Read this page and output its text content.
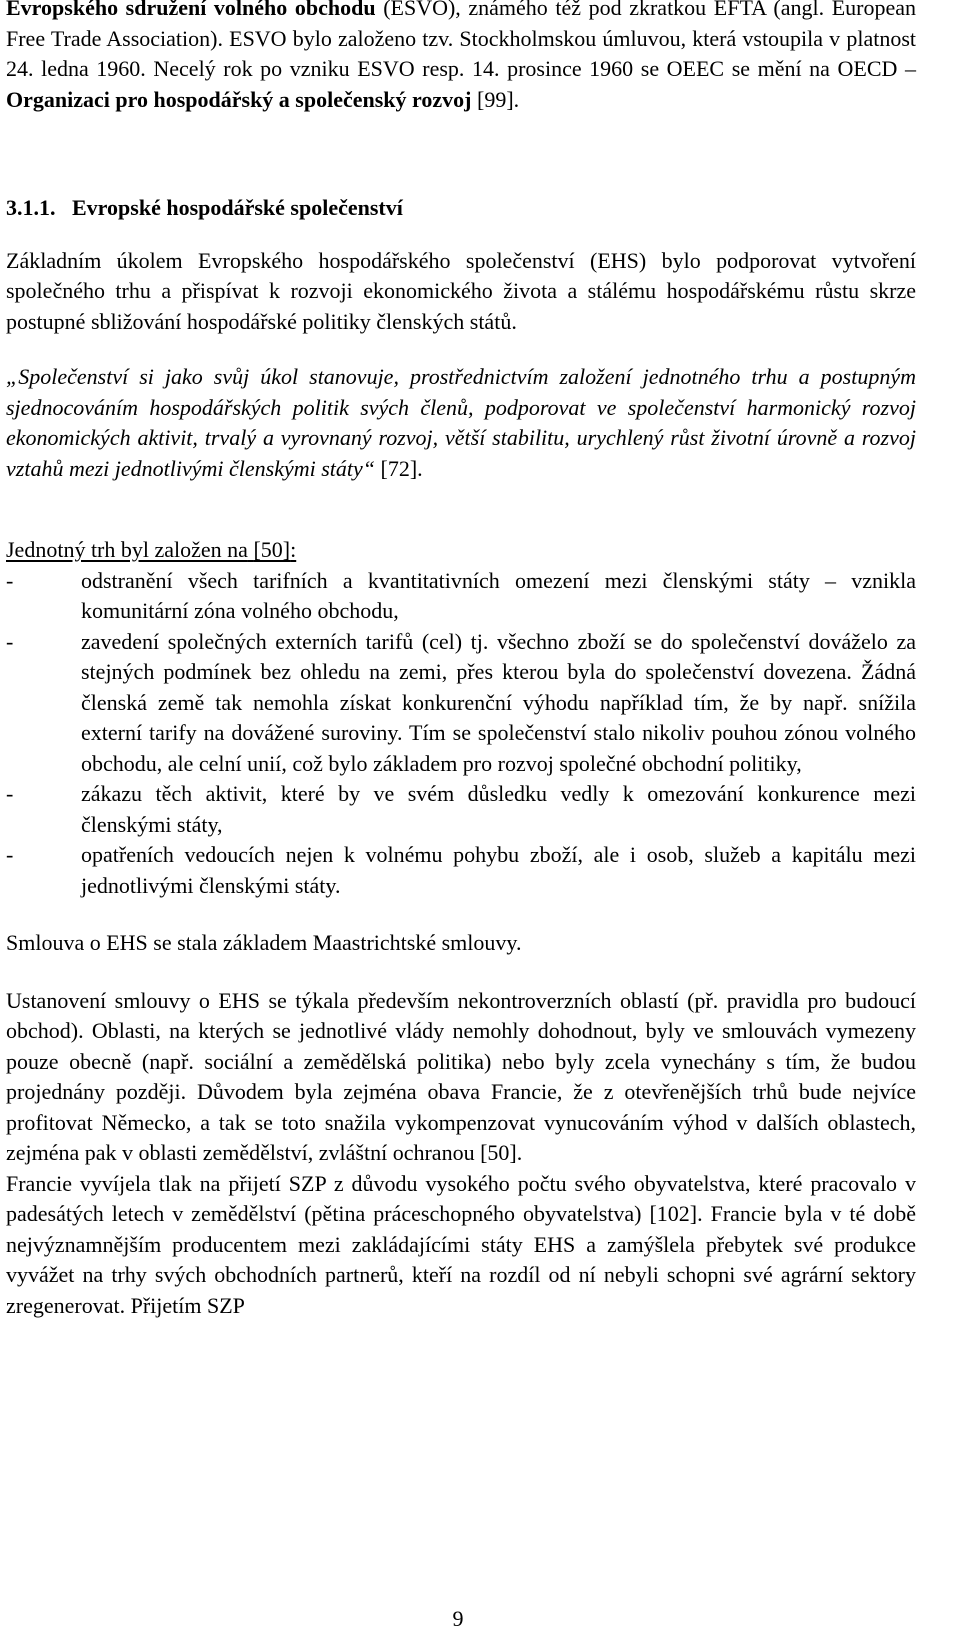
Evropského sdružení volného obchodu (ESVO), známého též pod zkratkou EFTA (angl. European Free Trade Association). ESVO bylo založeno tzv. Stockholmskou úmluvou, která vstoupila v platnost 24. ledna 1960. Necelý rok po vzniku ESVO resp. 14. prosince 1960 se OEEC se mění na OECD – Organizaci pro hospodářský a společenský rozvoj [99].

3.1.1. Evropské hospodářské společenství

Základním úkolem Evropského hospodářského společenství (EHS) bylo podporovat vytvoření společného trhu a přispívat k rozvoji ekonomického života a stálému hospodářskému růstu skrze postupné sbližování hospodářské politiky členských států.

„Společenství si jako svůj úkol stanovuje, prostřednictvím založení jednotného trhu a postupným sjednocováním hospodářských politik svých členů, podporovat ve společenství harmonický rozvoj ekonomických aktivit, trvalý a vyrovnaný rozvoj, větší stabilitu, urychlený růst životní úrovně a rozvoj vztahů mezi jednotlivými členskými státy“ [72].

Jednotný trh byl založen na [50]:

-	odstranění všech tarifních a kvantitativních omezení mezi členskými státy – vznikla komunitární zóna volného obchodu,
-	zavedení společných externích tarifů (cel) tj. všechno zboží se do společenství dováželo za stejných podmínek bez ohledu na zemi, přes kterou byla do společenství dovezena. Žádná členská země tak nemohla získat konkurenční výhodu například tím, že by např. snížila externí tarify na dovážené suroviny. Tím se společenství stalo nikoliv pouhou zónou volného obchodu, ale celní unií, což bylo základem pro rozvoj společné obchodní politiky,
-	zákazu těch aktivit, které by ve svém důsledku vedly k omezování konkurence mezi členskými státy,
-	opatřeních vedoucích nejen k volnému pohybu zboží, ale i osob, služeb a kapitálu mezi jednotlivými členskými státy.

Smlouva o EHS se stala základem Maastrichtské smlouvy.

Ustanovení smlouvy o EHS se týkala především nekontroverzních oblastí (př. pravidla pro budoucí obchod). Oblasti, na kterých se jednotlivé vlády nemohly dohodnout, byly ve smlouvách vymezeny pouze obecně (např. sociální a zemědělská politika) nebo byly zcela vynechány s tím, že budou projednány později. Důvodem byla zejména obava Francie, že z otevřenějších trhů bude nejvíce profitovat Německo, a tak se toto snažila vykompenzovat vynucováním výhod v dalších oblastech, zejména pak v oblasti zemědělství, zvláštní ochranou [50].

Francie vyvíjela tlak na přijetí SZP z důvodu vysokého počtu svého obyvatelstva, které pracovalo v padesátých letech v zemědělství (pětina práceschopného obyvatelstva) [102]. Francie byla v té době nejvýznamnějším producentem mezi zakládajícími státy EHS a zamýšlela přebytek své produkce vyvážet na trhy svých obchodních partnerů, kteří na rozdíl od ní nebyli schopni své agrární sektory zregenerovat. Přijetím SZP

9
